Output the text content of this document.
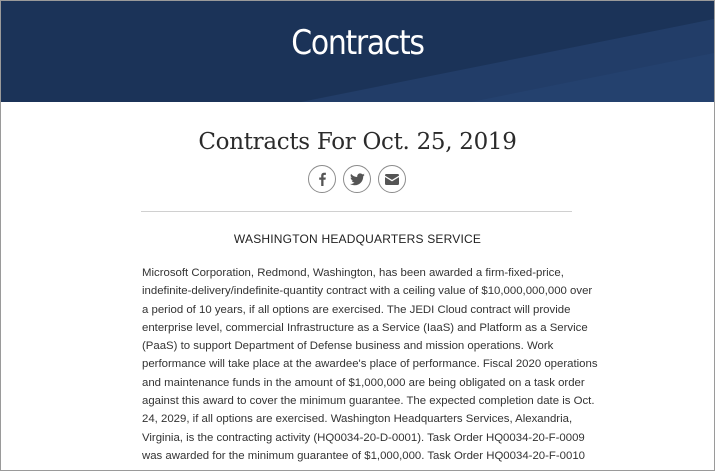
Contracts
Contracts For Oct. 25, 2019
WASHINGTON HEADQUARTERS SERVICE
Microsoft Corporation, Redmond, Washington, has been awarded a firm-fixed-price,
indefinite-delivery/indefinite-quantity contract with a ceiling value of $10,000,000,000 over
a period of 10 years, if all options are exercised. The JEDI Cloud contract will provide
enterprise level, commercial Infrastructure as a Service (IaaS) and Platform as a Service
(PaaS) to support Department of Defense business and mission operations. Work
performance will take place at the awardee's place of performance. Fiscal 2020 operations
and maintenance funds in the amount of $1,000,000 are being obligated on a task order
against this award to cover the minimum guarantee. The expected completion date is Oct.
24, 2029, if all options are exercised. Washington Headquarters Services, Alexandria,
Virginia, is the contracting activity (HQ0034-20-D-0001). Task Order HQ0034-20-F-0009
was awarded for the minimum guarantee of $1,000,000. Task Order HQ0034-20-F-0010
